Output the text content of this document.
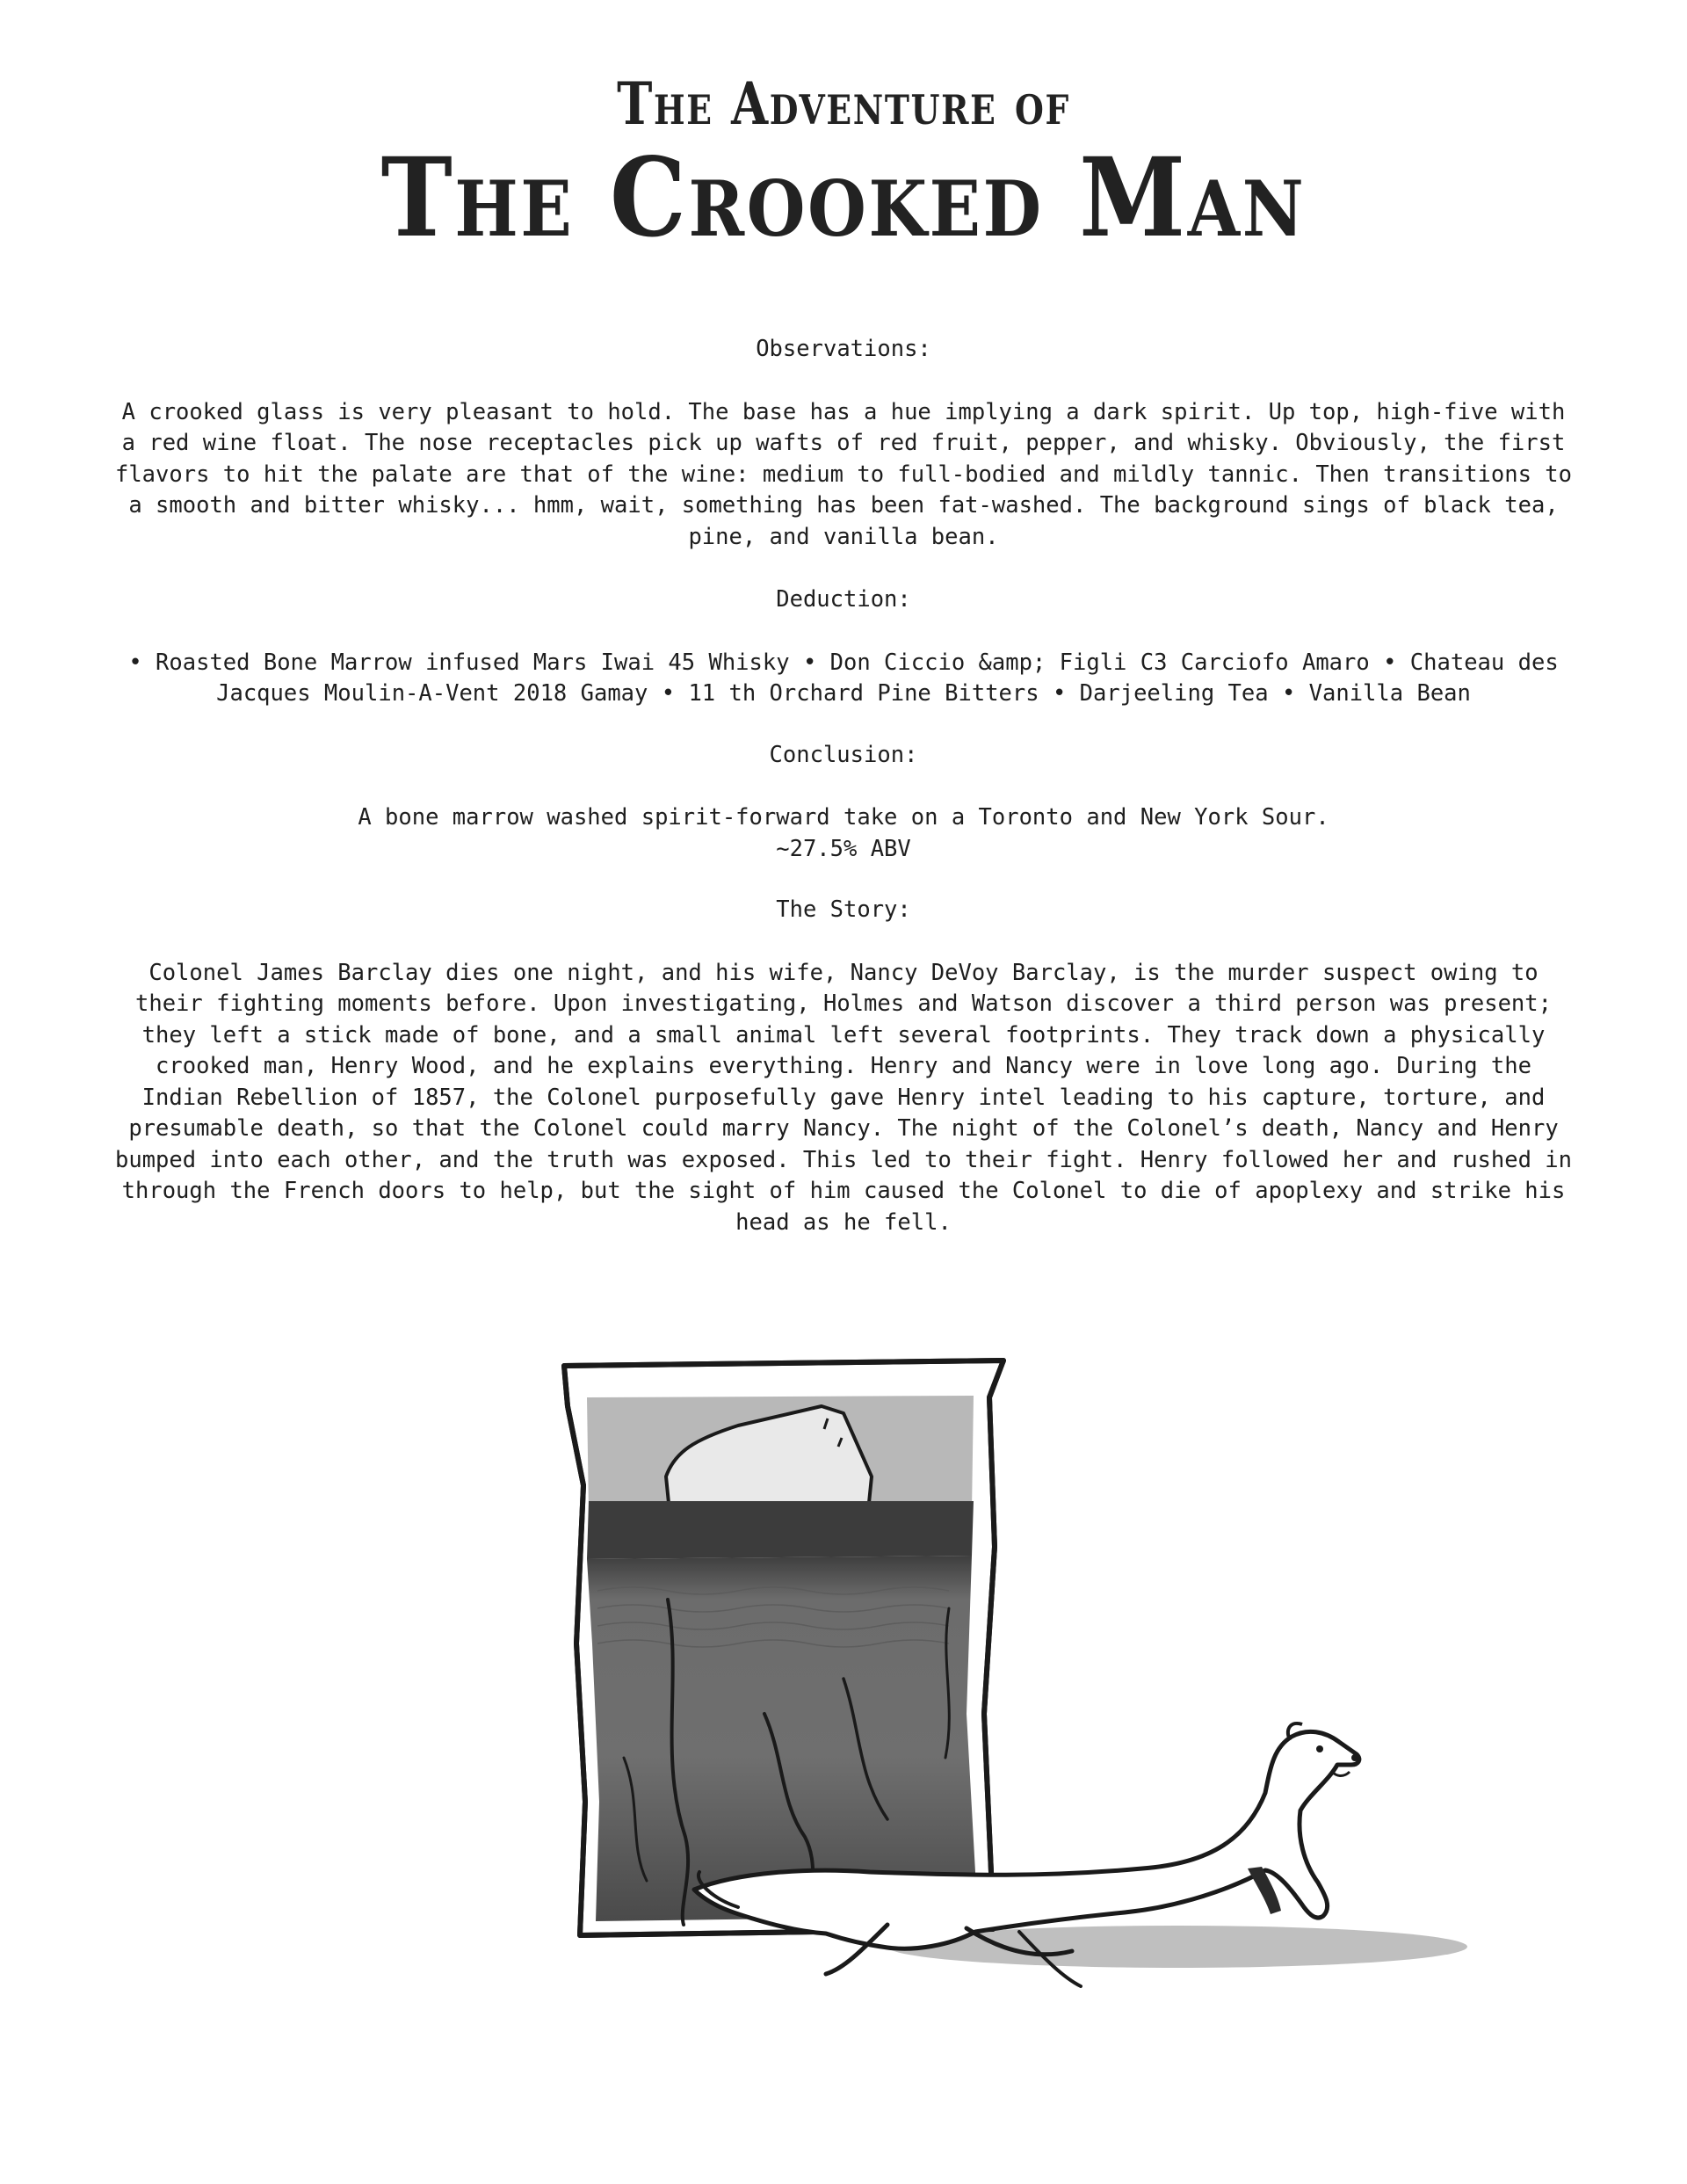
The Adventure of
The Crooked Man

Observations:

A crooked glass is very pleasant to hold. The base has a hue implying a dark spirit. Up top, high-five with a red wine float. The nose receptacles pick up wafts of red fruit, pepper, and whisky. Obviously, the first flavors to hit the palate are that of the wine: medium to full-bodied and mildly tannic. Then transitions to a smooth and bitter whisky... hmm, wait, something has been fat-washed. The background sings of black tea, pine, and vanilla bean.

Deduction:

• Roasted Bone Marrow infused Mars Iwai 45 Whisky • Don Ciccio &amp; Figli C3 Carciofo Amaro • Chateau des Jacques Moulin-A-Vent 2018 Gamay • 11 th Orchard Pine Bitters • Darjeeling Tea • Vanilla Bean

Conclusion:

A bone marrow washed spirit-forward take on a Toronto and New York Sour.

~27.5% ABV

The Story:

Colonel James Barclay dies one night, and his wife, Nancy DeVoy Barclay, is the murder suspect owing to their fighting moments before. Upon investigating, Holmes and Watson discover a third person was present; they left a stick made of bone, and a small animal left several footprints. They track down a physically crooked man, Henry Wood, and he explains everything. Henry and Nancy were in love long ago. During the Indian Rebellion of 1857, the Colonel purposefully gave Henry intel leading to his capture, torture, and presumable death, so that the Colonel could marry Nancy. The night of the Colonel’s death, Nancy and Henry bumped into each other, and the truth was exposed. This led to their fight. Henry followed her and rushed in through the French doors to help, but the sight of him caused the Colonel to die of apoplexy and strike his head as he fell.
